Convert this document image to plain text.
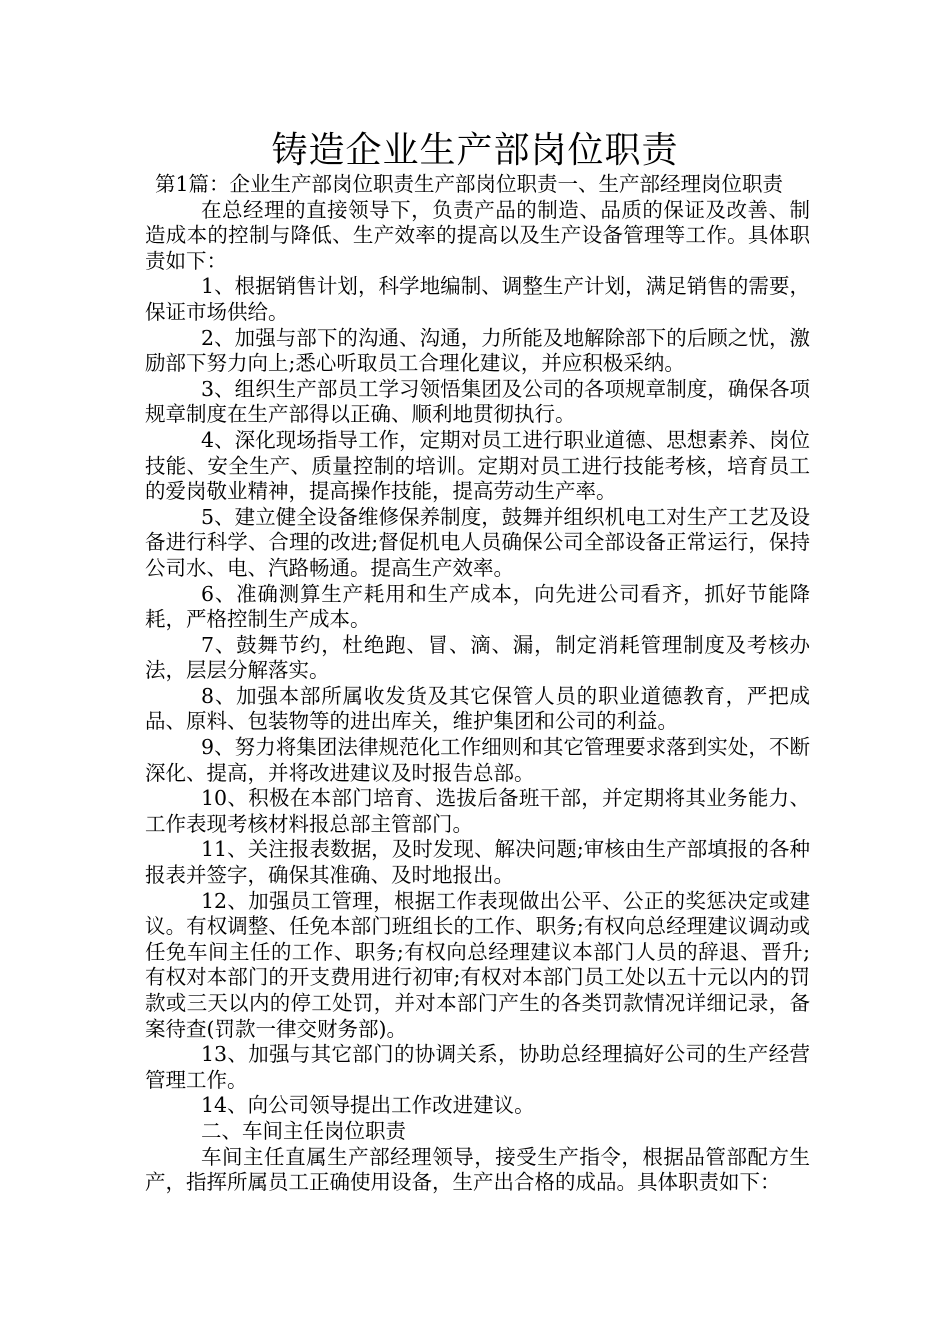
铸造企业生产部岗位职责

第1篇：企业生产部岗位职责生产部岗位职责一、生产部经理岗位职责

在总经理的直接领导下，负责产品的制造、品质的保证及改善、制造成本的控制与降低、生产效率的提高以及生产设备管理等工作。具体职责如下：

1、根据销售计划，科学地编制、调整生产计划，满足销售的需要，保证市场供给。

2、加强与部下的沟通、沟通，力所能及地解除部下的后顾之忧，激励部下努力向上;悉心听取员工合理化建议，并应积极采纳。

3、组织生产部员工学习领悟集团及公司的各项规章制度，确保各项规章制度在生产部得以正确、顺利地贯彻执行。

4、深化现场指导工作，定期对员工进行职业道德、思想素养、岗位技能、安全生产、质量控制的培训。定期对员工进行技能考核，培育员工的爱岗敬业精神，提高操作技能，提高劳动生产率。

5、建立健全设备维修保养制度，鼓舞并组织机电工对生产工艺及设备进行科学、合理的改进;督促机电人员确保公司全部设备正常运行，保持公司水、电、汽路畅通。提高生产效率。

6、准确测算生产耗用和生产成本，向先进公司看齐，抓好节能降耗，严格控制生产成本。

7、鼓舞节约，杜绝跑、冒、滴、漏，制定消耗管理制度及考核办法，层层分解落实。

8、加强本部所属收发货及其它保管人员的职业道德教育，严把成品、原料、包装物等的进出库关，维护集团和公司的利益。

9、努力将集团法律规范化工作细则和其它管理要求落到实处，不断深化、提高，并将改进建议及时报告总部。

10、积极在本部门培育、选拔后备班干部，并定期将其业务能力、工作表现考核材料报总部主管部门。

11、关注报表数据，及时发现、解决问题;审核由生产部填报的各种报表并签字，确保其准确、及时地报出。

12、加强员工管理，根据工作表现做出公平、公正的奖惩决定或建议。有权调整、任免本部门班组长的工作、职务;有权向总经理建议调动或任免车间主任的工作、职务;有权向总经理建议本部门人员的辞退、晋升;有权对本部门的开支费用进行初审;有权对本部门员工处以五十元以内的罚款或三天以内的停工处罚，并对本部门产生的各类罚款情况详细记录，备案待查(罚款一律交财务部)。

13、加强与其它部门的协调关系，协助总经理搞好公司的生产经营管理工作。

14、向公司领导提出工作改进建议。

二、车间主任岗位职责

车间主任直属生产部经理领导，接受生产指令，根据品管部配方生产，指挥所属员工正确使用设备，生产出合格的成品。具体职责如下：
